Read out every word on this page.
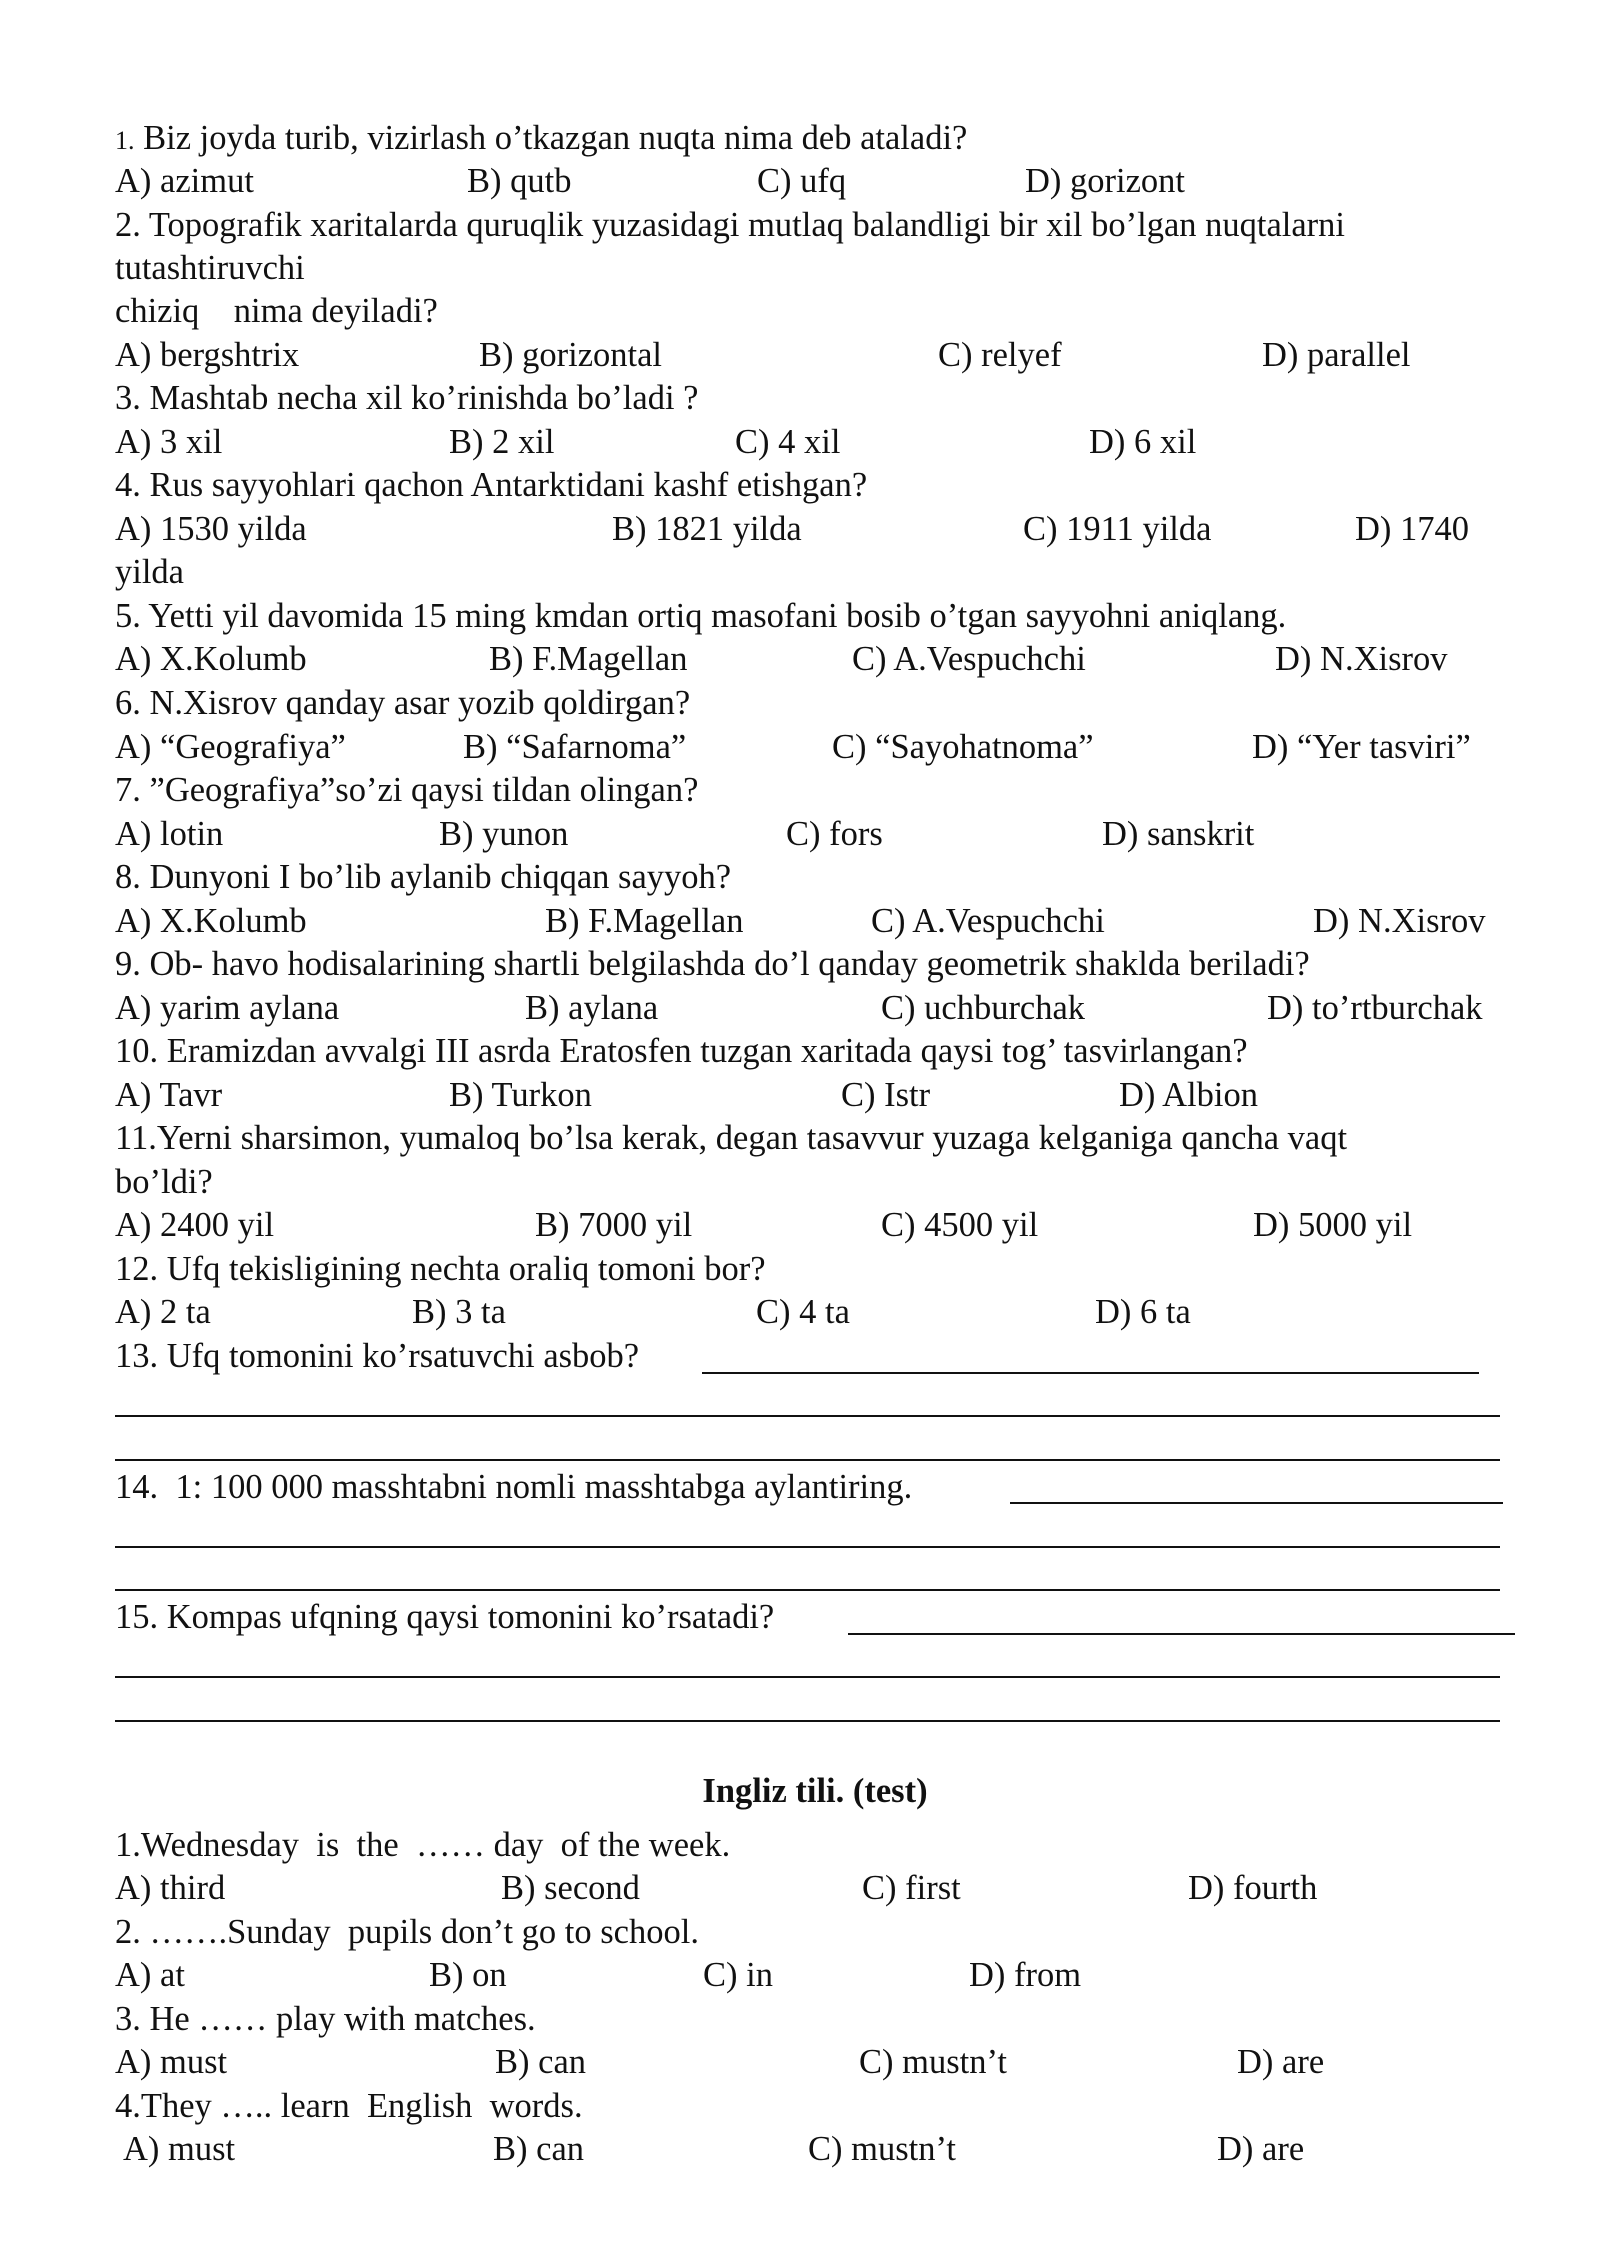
1. Biz joyda turib, vizirlash o’tkazgan nuqta nima deb ataladi?
A) azimut	B) qutb	C) ufq	D) gorizont
2. Topografik xaritalarda quruqlik yuzasidagi mutlaq balandligi bir xil bo’lgan nuqtalarni
tutashtiruvchi
chiziq    nima deyiladi?
A) bergshtrix	B) gorizontal	C) relyef	D) parallel
3. Mashtab necha xil ko’rinishda bo’ladi ?
A) 3 xil	B) 2 xil	C) 4 xil	D) 6 xil
4. Rus sayyohlari qachon Antarktidani kashf etishgan?
A) 1530 yilda	B) 1821 yilda	C) 1911 yilda	D) 1740
yilda
5. Yetti yil davomida 15 ming kmdan ortiq masofani bosib o’tgan sayyohni aniqlang.
A) X.Kolumb	B) F.Magellan	C) A.Vespuchchi	D) N.Xisrov
6. N.Xisrov qanday asar yozib qoldirgan?
A) “Geografiya”	B) “Safarnoma”	C) “Sayohatnoma”	D) “Yer tasviri”
7. ”Geografiya”so’zi qaysi tildan olingan?
A) lotin	B) yunon	C) fors	D) sanskrit
8. Dunyoni I bo’lib aylanib chiqqan sayyoh?
A) X.Kolumb	B) F.Magellan	C) A.Vespuchchi	D) N.Xisrov
9. Ob- havo hodisalarining shartli belgilashda do’l qanday geometrik shaklda beriladi?
A) yarim aylana	B) aylana	C) uchburchak	D) to’rtburchak
10. Eramizdan avvalgi III asrda Eratosfen tuzgan xaritada qaysi tog’ tasvirlangan?
A) Tavr	B) Turkon	C) Istr	D) Albion
11.Yerni sharsimon, yumaloq bo’lsa kerak, degan tasavvur yuzaga kelganiga qancha vaqt
bo’ldi?
A) 2400 yil	B) 7000 yil	C) 4500 yil	D) 5000 yil
12. Ufq tekisligining nechta oraliq tomoni bor?
A) 2 ta	B) 3 ta	C) 4 ta	D) 6 ta
13. Ufq tomonini ko’rsatuvchi asbob?
14.  1: 100 000 masshtabni nomli masshtabga aylantiring.
15. Kompas ufqning qaysi tomonini ko’rsatadi?
Ingliz tili. (test)
1.Wednesday  is  the  …… day  of the week.
A) third	B) second	C) first	D) fourth
2. …….Sunday  pupils don’t go to school.
A) at	B) on	C) in	D) from
3. He …… play with matches.
A) must	B) can	C) mustn’t	D) are
4.They ….. learn  English  words.
A) must	B) can	C) mustn’t	D) are
